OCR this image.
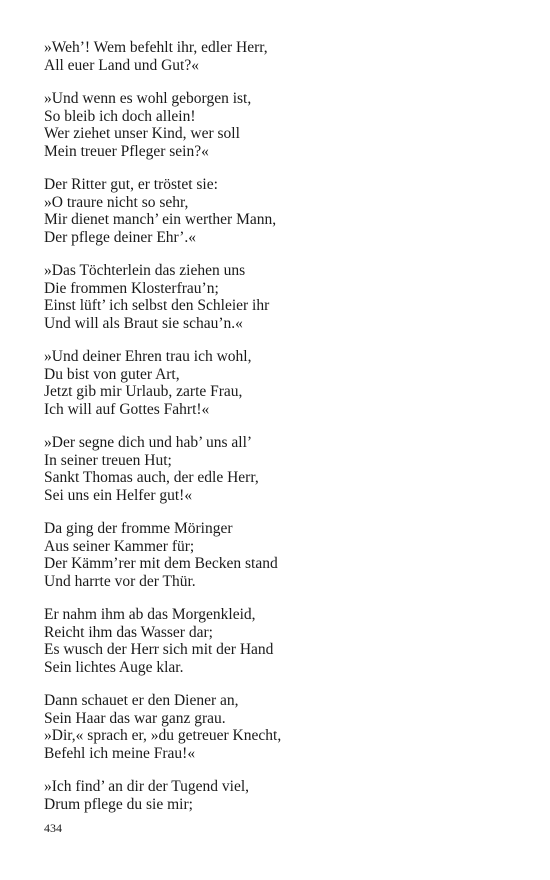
»Weh’! Wem befehlt ihr, edler Herr,
All euer Land und Gut?«
»Und wenn es wohl geborgen ist,
So bleib ich doch allein!
Wer ziehet unser Kind, wer soll
Mein treuer Pfleger sein?«
Der Ritter gut, er tröstet sie:
»O traure nicht so sehr,
Mir dienet manch’ ein werther Mann,
Der pflege deiner Ehr’.«
»Das Töchterlein das ziehen uns
Die frommen Klosterfrau’n;
Einst lüft’ ich selbst den Schleier ihr
Und will als Braut sie schau’n.«
»Und deiner Ehren trau ich wohl,
Du bist von guter Art,
Jetzt gib mir Urlaub, zarte Frau,
Ich will auf Gottes Fahrt!«
»Der segne dich und hab’ uns all’
In seiner treuen Hut;
Sankt Thomas auch, der edle Herr,
Sei uns ein Helfer gut!«
Da ging der fromme Möringer
Aus seiner Kammer für;
Der Kämm’rer mit dem Becken stand
Und harrte vor der Thür.
Er nahm ihm ab das Morgenkleid,
Reicht ihm das Wasser dar;
Es wusch der Herr sich mit der Hand
Sein lichtes Auge klar.
Dann schauet er den Diener an,
Sein Haar das war ganz grau.
»Dir,« sprach er, »du getreuer Knecht,
Befehl ich meine Frau!«
»Ich find’ an dir der Tugend viel,
Drum pflege du sie mir;
434
